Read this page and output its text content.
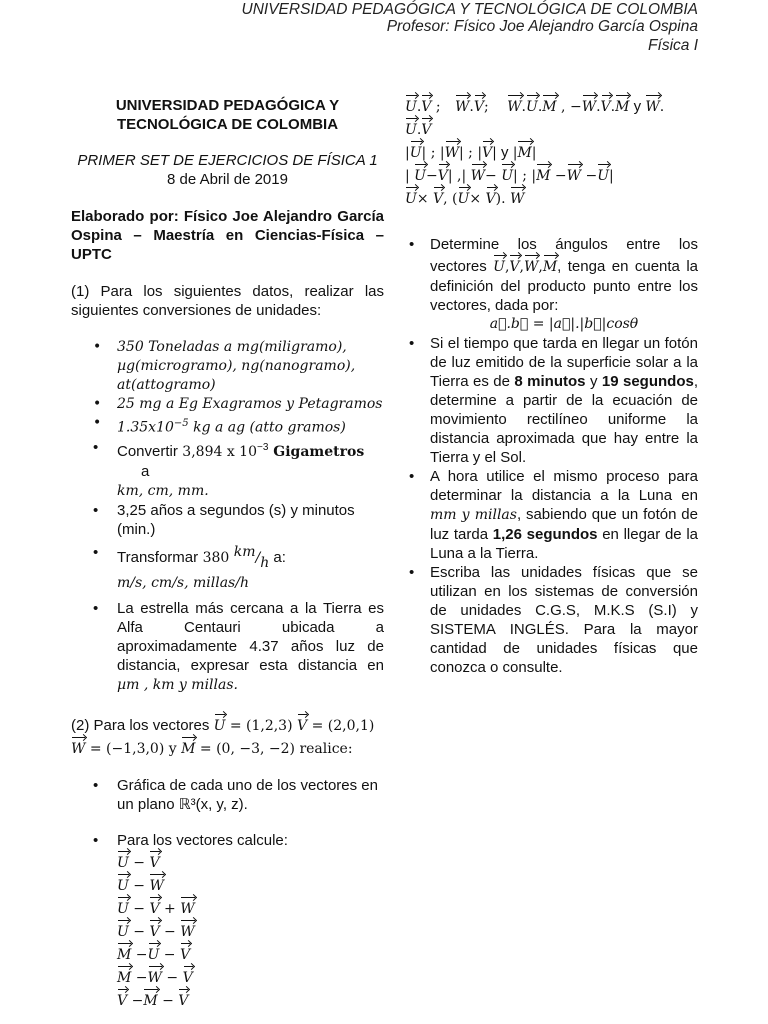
UNIVERSIDAD PEDAGÓGICA Y TECNOLÓGICA DE COLOMBIA
Profesor: Físico Joe Alejandro García Ospina
Física I
UNIVERSIDAD PEDAGÓGICA Y
TECNOLÓGICA DE COLOMBIA
PRIMER SET DE EJERCICIOS DE FÍSICA 1
8 de Abril de 2019
Elaborado por: Físico Joe Alejandro García Ospina – Maestría en Ciencias-Física – UPTC
(1) Para los siguientes datos, realizar las siguientes conversiones de unidades:
• 350 Toneladas a mg(miligramo), µg(microgramo), ng(nanogramo), at(attogramo)
• 25 mg a Eg Exagramos y Petagramos
• $1.35x10^{-5}$ kg a ag (atto gramos)
• Convertir 3,894 x $10^{-3}$ Gigametros a
km, cm, mm.
• 3,25 años a segundos (s) y minutos (min.)
• Transformar 380 km/h a:
m/s, cm/s, millas/h
• La estrella más cercana a la Tierra es Alfa Centauri ubicada a aproximadamente 4.37 años luz de distancia, expresar esta distancia en µm , km y millas.
(2) Para los vectores U = (1,2,3) V = (2,0,1)
W = (−1,3,0) y M = (0, −3, −2) realice:
• Gráfica de cada uno de los vectores en un plano ℝ³(x, y, z).
• Para los vectores calcule:
U − V
U − W
U − V + W
U − V − W
M −U − V
M −W − V
V −M − V
U.V ; W.V; W.U.M , −W.V.M y W.
U.V
|U| ; |W| ; |V| y |M|
| U−V| ,| W− U| ; |M −W −U|
U× V, (U× V). W
• Determine los ángulos entre los vectores U,V,W,M, tenga en cuenta la definición del producto punto entre los vectores, dada por:
a⃗.b⃗ = |a⃗|.|b⃗|cosθ
• Si el tiempo que tarda en llegar un fotón de luz emitido de la superficie solar a la Tierra es de 8 minutos y 19 segundos, determine a partir de la ecuación de movimiento rectilíneo uniforme la distancia aproximada que hay entre la Tierra y el Sol.
• A hora utilice el mismo proceso para determinar la distancia a la Luna en mm y millas, sabiendo que un fotón de luz tarda 1,26 segundos en llegar de la Luna a la Tierra.
• Escriba las unidades físicas que se utilizan en los sistemas de conversión de unidades C.G.S, M.K.S (S.I) y SISTEMA INGLÉS. Para la mayor cantidad de unidades físicas que conozca o consulte.
